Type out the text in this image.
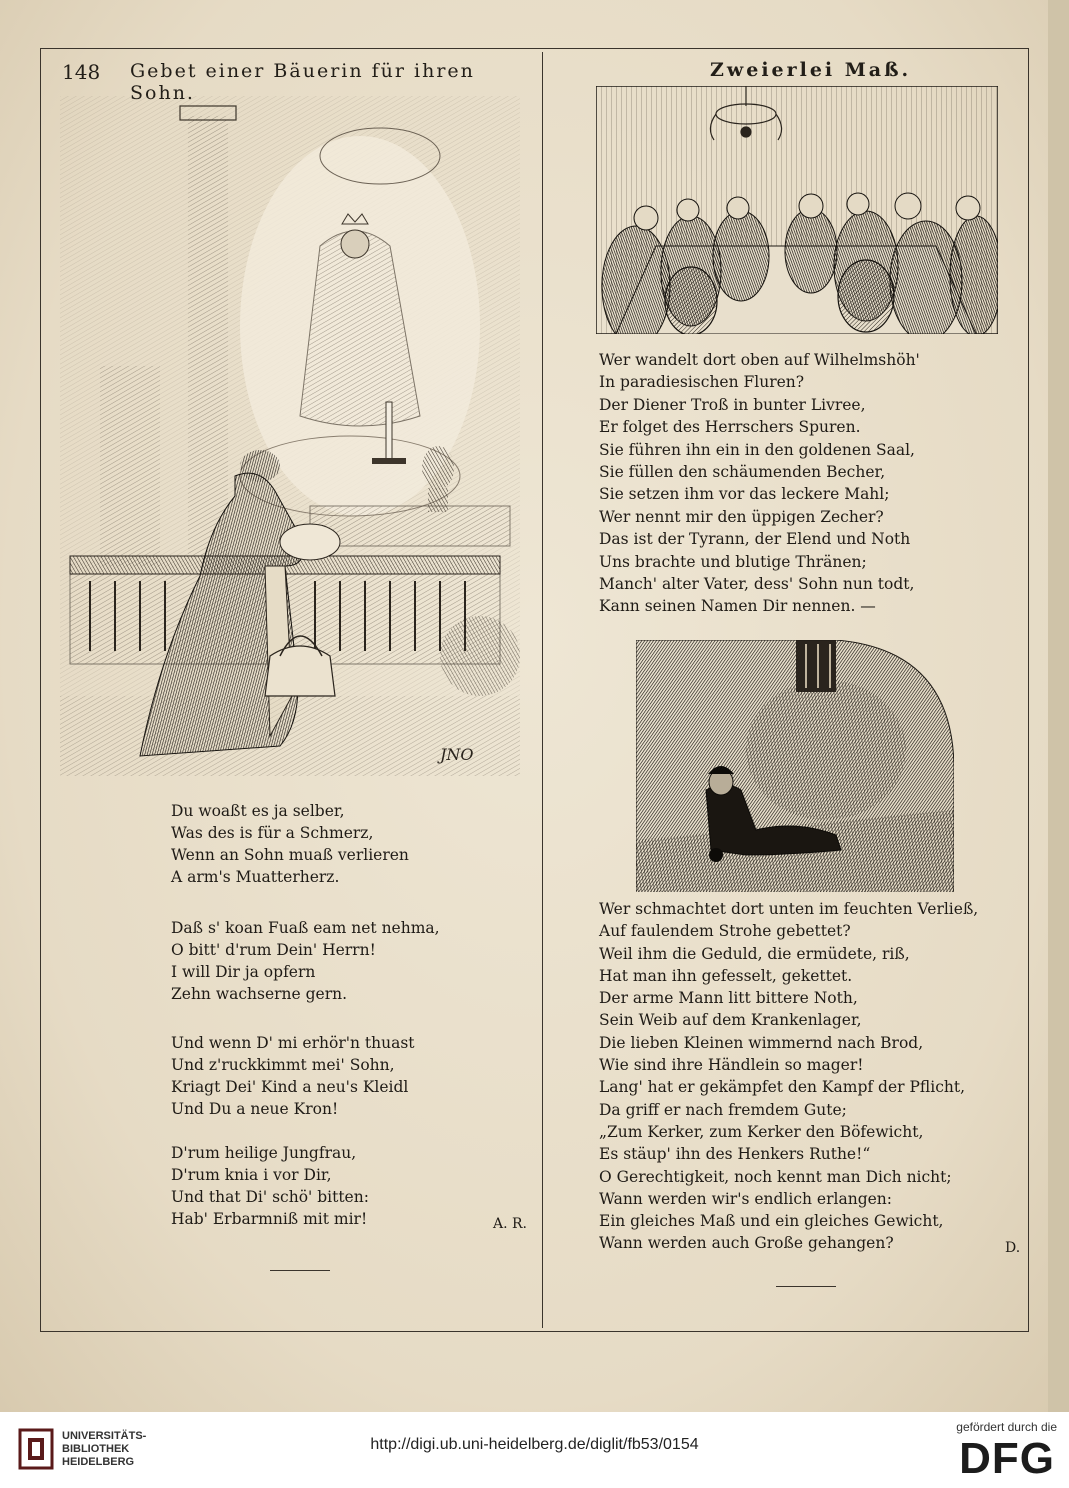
148 Gebet einer Bäuerin für ihren Sohn.
Zweierlei Maß.
JNO
Du woaßt es ja selber,
Was des is für a Schmerz,
Wenn an Sohn muaß verlieren
A arm's Muatterherz.
Daß s' koan Fuaß eam net nehma,
O bitt' d'rum Dein' Herrn!
I will Dir ja opfern
Zehn wachserne gern.
Und wenn D' mi erhör'n thuast
Und z'ruckkimmt mei' Sohn,
Kriagt Dei' Kind a neu's Kleidl
Und Du a neue Kron!
D'rum heilige Jungfrau,
D'rum knia i vor Dir,
Und that Di' schö' bitten:
Hab' Erbarmniß mit mir!	A. R.
Wer wandelt dort oben auf Wilhelmshöh'
In paradiesischen Fluren?
Der Diener Troß in bunter Livree,
Er folget des Herrschers Spuren.
Sie führen ihn ein in den goldenen Saal,
Sie füllen den schäumenden Becher,
Sie setzen ihm vor das leckere Mahl;
Wer nennt mir den üppigen Zecher?
Das ist der Tyrann, der Elend und Noth
Uns brachte und blutige Thränen;
Manch' alter Vater, dess' Sohn nun todt,
Kann seinen Namen Dir nennen. —
Wer schmachtet dort unten im feuchten Verließ,
Auf faulendem Strohe gebettet?
Weil ihm die Geduld, die ermüdete, riß,
Hat man ihn gefesselt, gekettet.
Der arme Mann litt bittere Noth,
Sein Weib auf dem Krankenlager,
Die lieben Kleinen wimmernd nach Brod,
Wie sind ihre Händlein so mager!
Lang' hat er gekämpfet den Kampf der Pflicht,
Da griff er nach fremdem Gute;
„Zum Kerker, zum Kerker den Böfewicht,
Es stäup' ihn des Henkers Ruthe!“
O Gerechtigkeit, noch kennt man Dich nicht;
Wann werden wir's endlich erlangen:
Ein gleiches Maß und ein gleiches Gewicht,
Wann werden auch Große gehangen?	D.
UNIVERSITÄTS-
BIBLIOTHEK
HEIDELBERG
http://digi.ub.uni-heidelberg.de/diglit/fb53/0154
gefördert durch die
DFG
